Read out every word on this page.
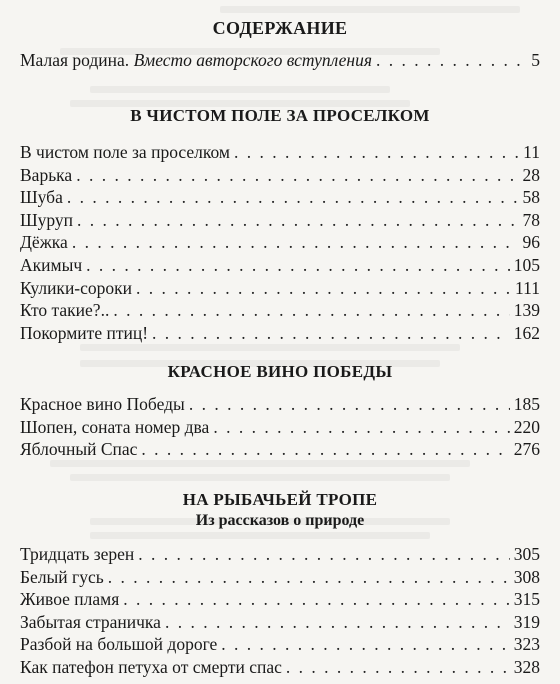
СОДЕРЖАНИЕ
Малая родина. Вместо авторского вступления . . .	5
В ЧИСТОМ ПОЛЕ ЗА ПРОСЕЛКОМ
В чистом поле за проселком . . .	11
Варька . . .	28
Шуба . . .	58
Шуруп . . .	78
Дёжка . . .	96
Акимыч . . .	105
Кулики-сороки . . .	111
Кто такие?.. . . .	139
Покормите птиц! . . .	162
КРАСНОЕ ВИНО ПОБЕДЫ
Красное вино Победы . . .	185
Шопен, соната номер два . . .	220
Яблочный Спас . . .	276
НА РЫБАЧЬЕЙ ТРОПЕ
Из рассказов о природе
Тридцать зерен . . .	305
Белый гусь . . .	308
Живое пламя . . .	315
Забытая страничка . . .	319
Разбой на большой дороге . . .	323
Как патефон петуха от смерти спас . . .	328
